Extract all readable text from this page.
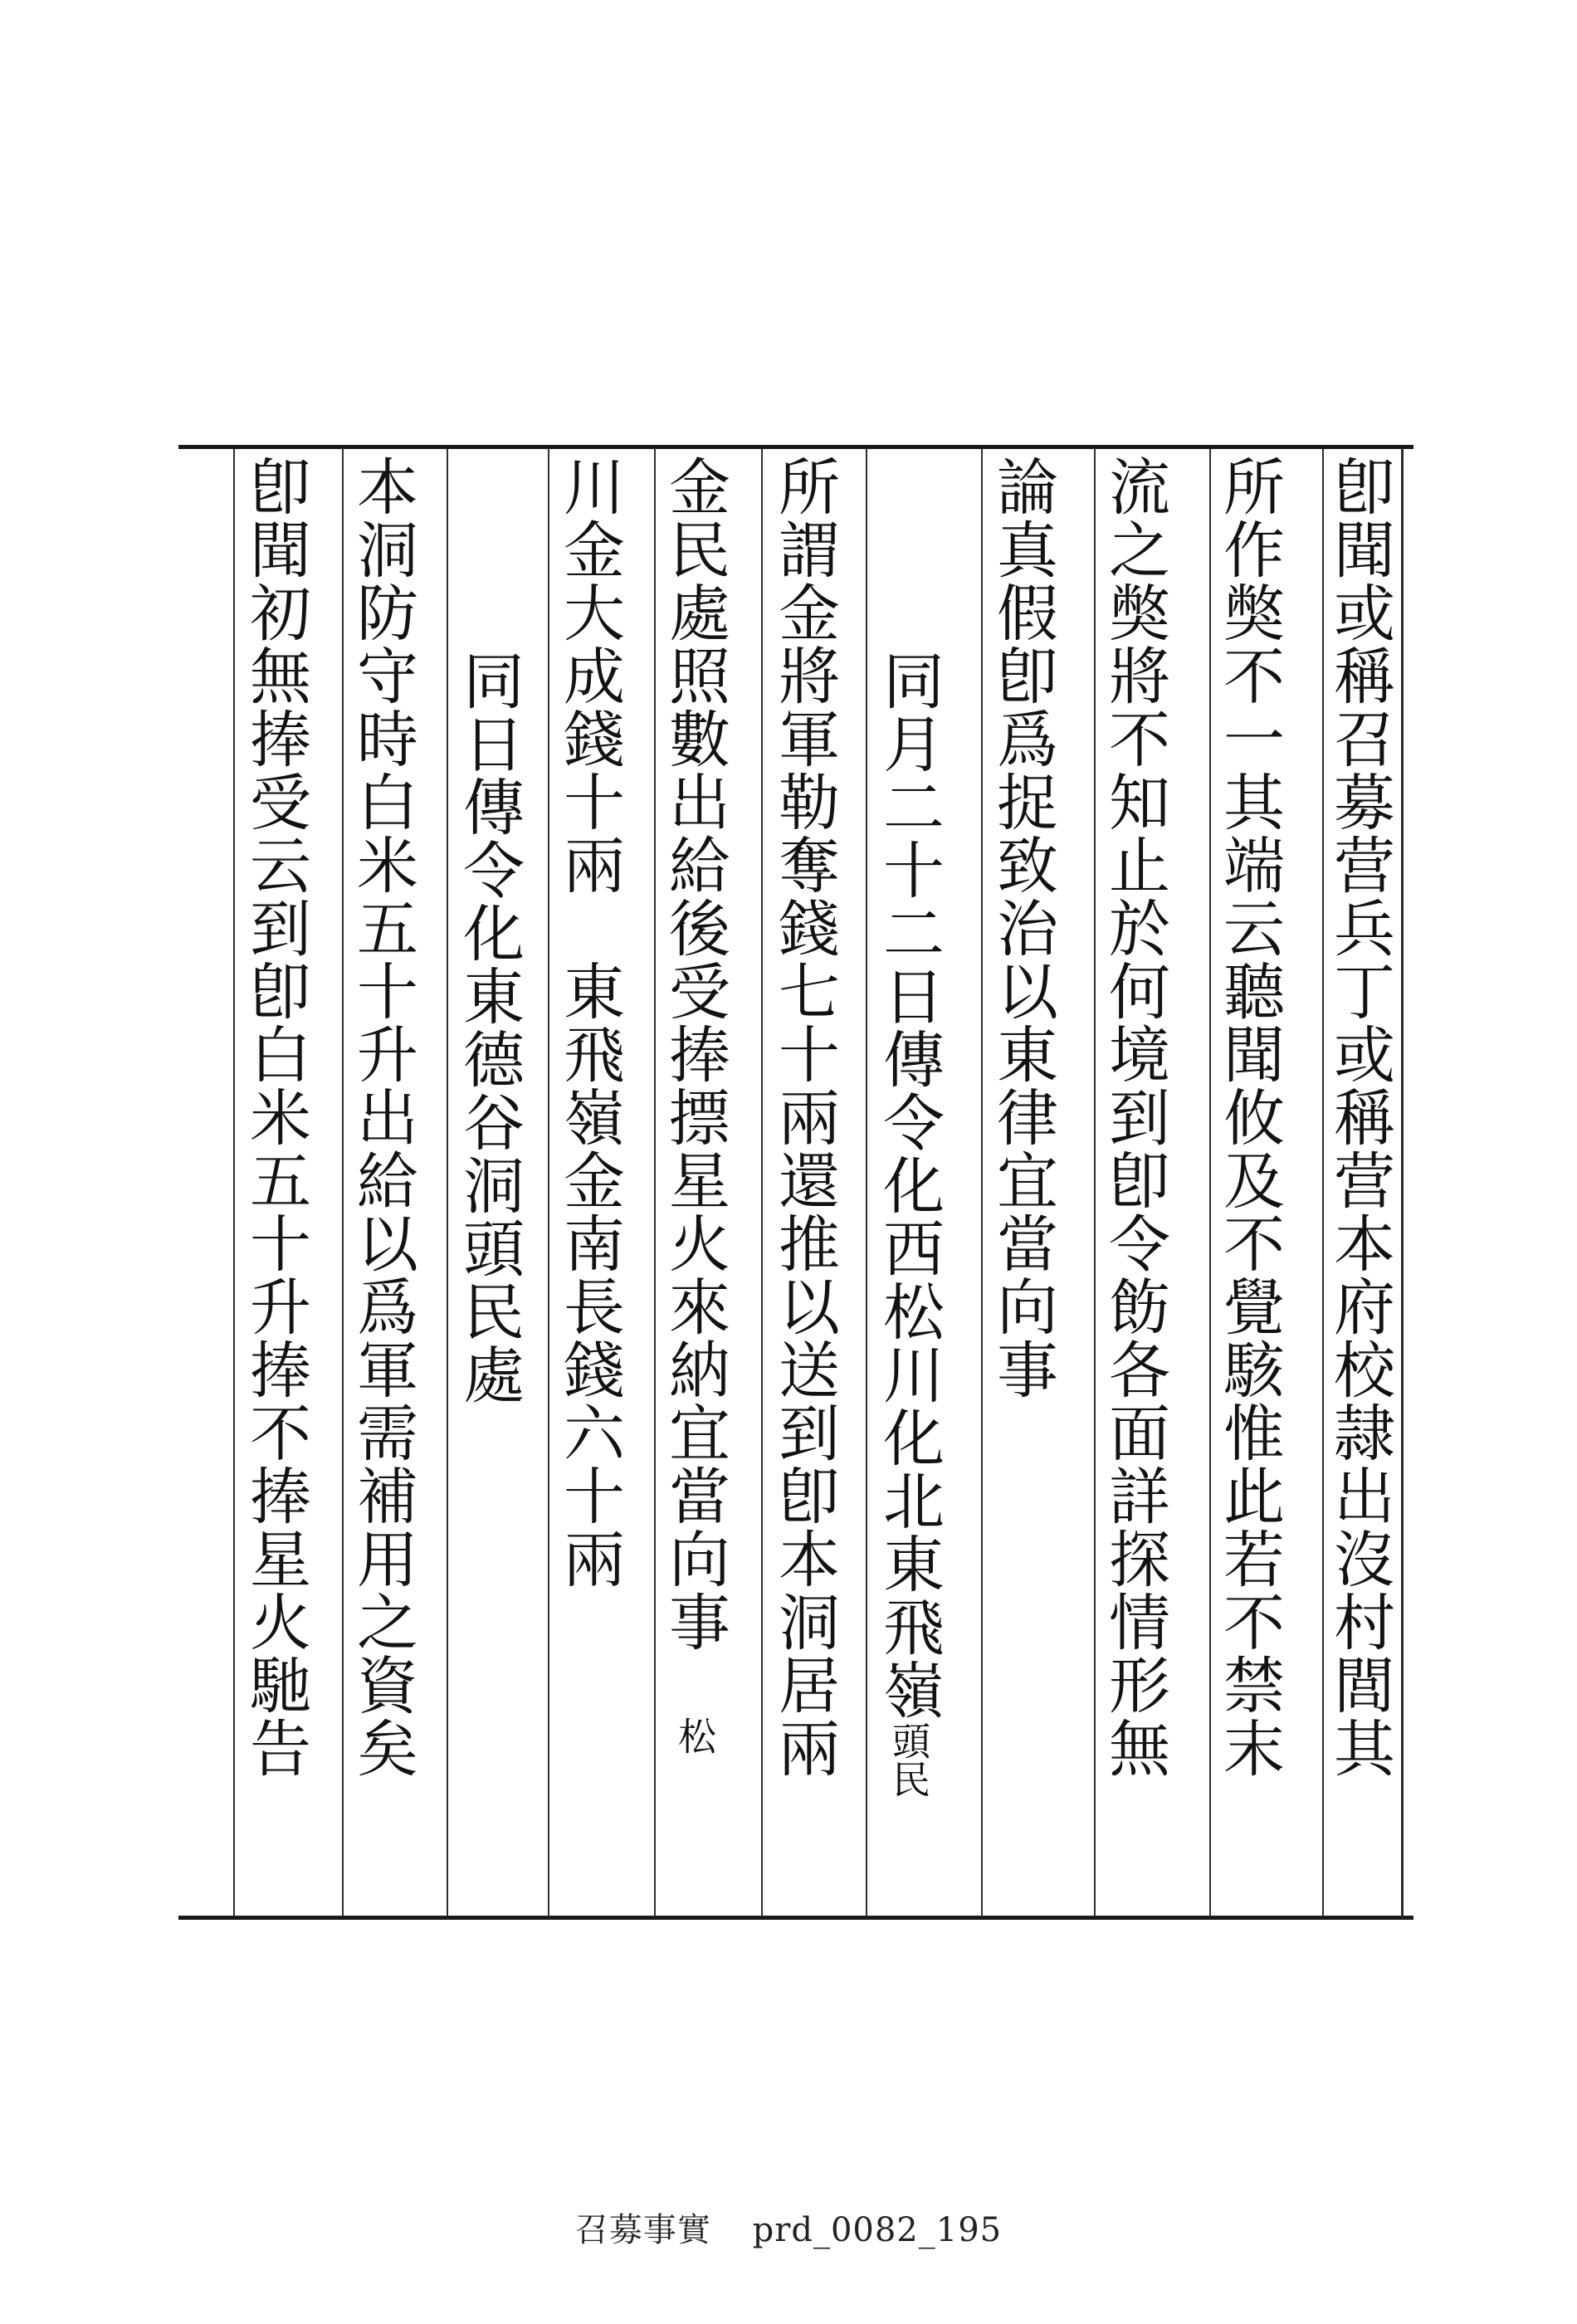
卽聞或稱召募营兵丁或稱营本府校隷出沒村閭其
所作獘不一其端云聽聞攸及不覺駭惟此若不禁末
流之獘將不知止於何境到卽令飭各面詳探情形無
論真假卽爲捉致治以東律宜當向事
同月二十二日傳令化西松川化北東飛嶺頭民
所謂金將軍勒奪錢七十兩還推以送到卽本洞居兩
金民處照數出給後受捧摽星火來納宜當向事　松
川金大成錢十兩　東飛嶺金南長錢六十兩
同日傳令化東德谷洞頭民處
本洞防守時白米五十升出給以爲軍需補用之資矣
卽聞初無捧受云到卽白米五十升捧不捧星火馳告
召募事實 prd_0082_195
